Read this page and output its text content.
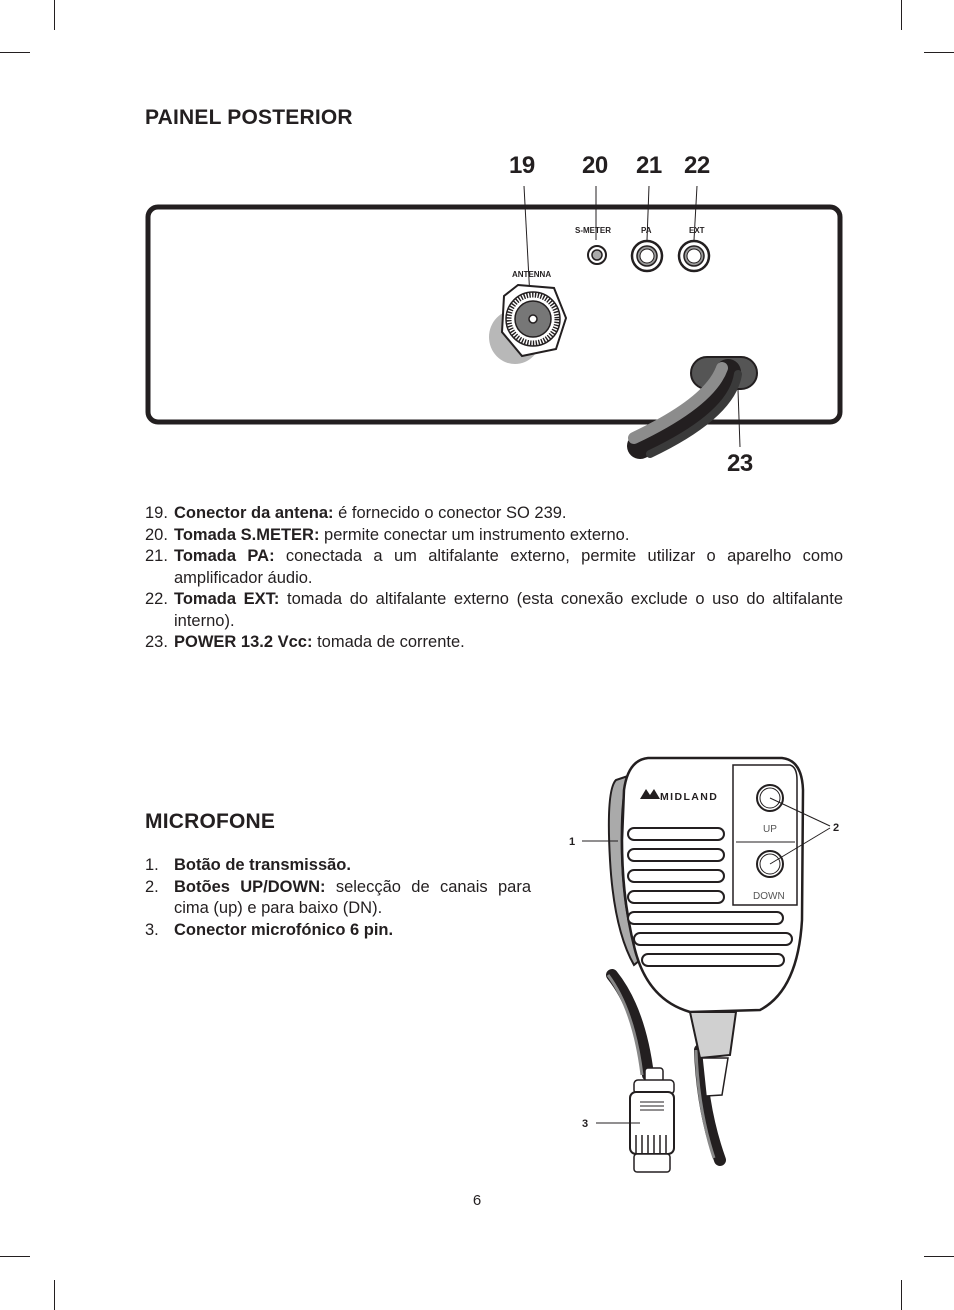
PAINEL POSTERIOR
19 20 21 22
23
ANTENNA
S-METER	PA	EXT
19. Conector da antena: é fornecido o conector SO 239.
20. Tomada S.METER: permite conectar um instrumento externo.
21. Tomada PA: conectada a um altifalante externo, permite utilizar o aparelho como amplificador áudio.
22. Tomada EXT: tomada do altifalante externo (esta conexão exclude o uso do altifalante interno).
23. POWER 13.2 Vcc: tomada de corrente.
MICROFONE
1. Botão de transmissão.
2. Botões UP/DOWN: selecção de canais para cima (up) e para baixo (DN).
3. Conector microfónico 6 pin.
UP
DOWN
MIDLAND
1
2
3
6
